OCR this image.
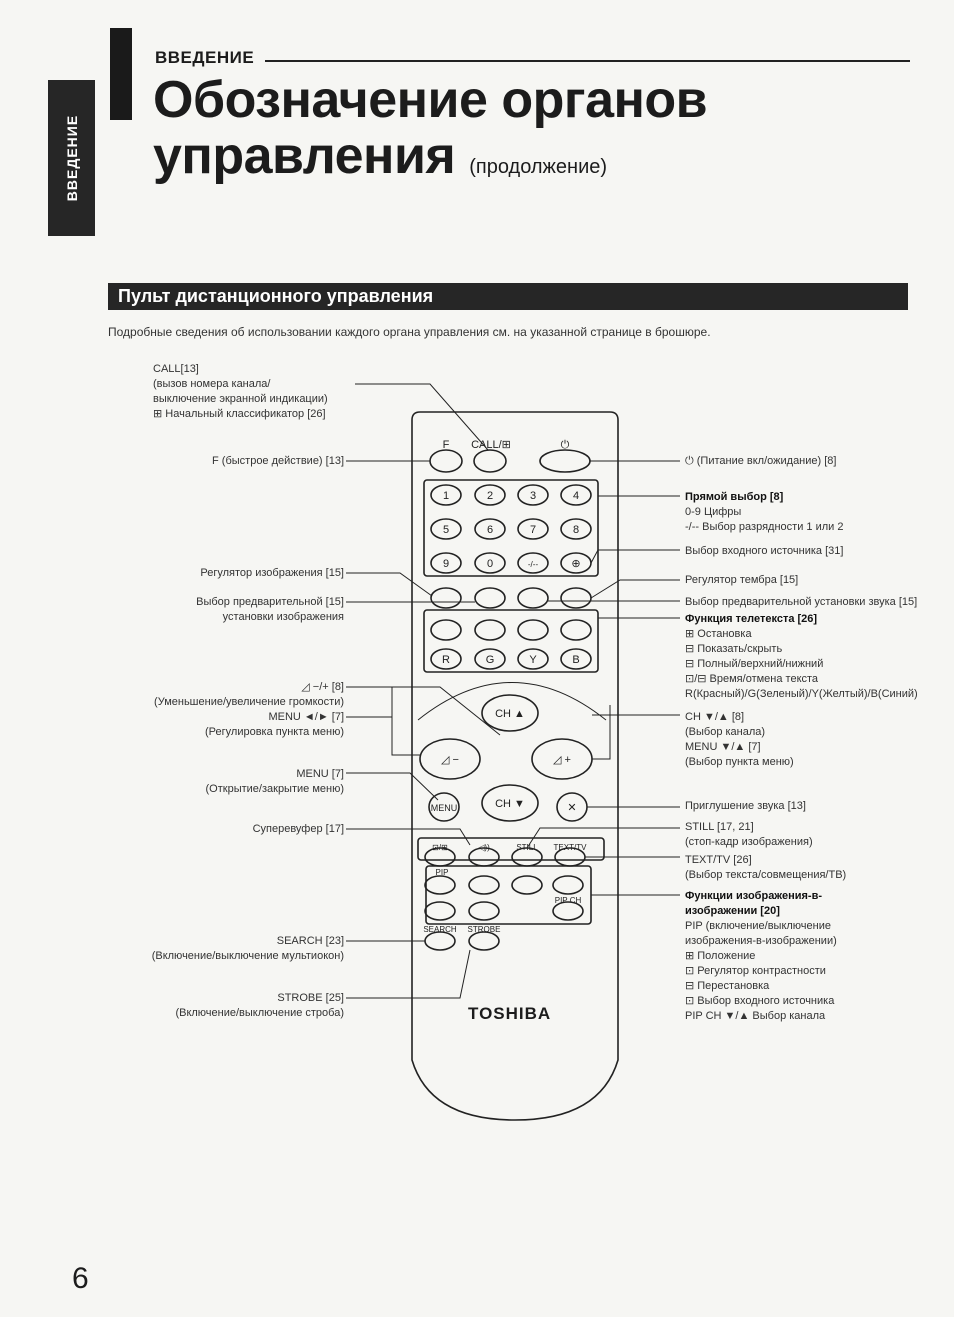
ВВЕДЕНИЕ
ВВЕДЕНИЕ
Обозначение органов
управления (продолжение)
Пульт дистанционного управления
Подробные сведения об использовании каждого органа управления см. на указанной странице в брошюре.
F CALL/⊞	⏻
1	2	3	4
5	6	7	8
9	0	-/--	⊕
R	G	Y	B
CH ▲
CH ▼
MENU
⊡/⊞	◁))	STILL TEXT/TV
PIP
PIP CH
SEARCH STROBE
◿ −	◿ +
✕
TOSHIBA
CALL[13]
(вызов номера канала/
выключение экранной индикации)
⊞ Начальный классификатор [26]
F (быстрое действие) [13]
Регулятор изображения [15]
Выбор предварительной [15]
установки изображения
◿ −/+ [8]
(Уменьшение/увеличение громкости)
MENU ◄/► [7]
(Регулировка пункта меню)
MENU [7]
(Открытие/закрытие меню)
Суперевуфер [17]
SEARCH [23]
(Включение/выключение мультиокон)
STROBE [25]
(Включение/выключение строба)
⏻ (Питание вкл/ожидание) [8]
Прямой выбор [8]
0-9 Цифры
-/-- Выбор разрядности 1 или 2
Выбор входного источника [31]
Регулятор тембра [15]
Выбор предварительной установки звука [15]
Функция телетекста [26]
⊞ Остановка
⊟ Показать/скрыть
⊟ Полный/верхний/нижний
⊡/⊟ Время/отмена текста
R(Красный)/G(Зеленый)/Y(Желтый)/B(Синий)
CH ▼/▲ [8]
(Выбор канала)
MENU ▼/▲ [7]
(Выбор пункта меню)
Приглушение звука [13]
STILL [17, 21]
(стоп-кадр изображения)
TEXT/TV [26]
(Выбор текста/совмещения/TB)
Функции изображения-в-
изображении [20]
PIP (включение/выключение
изображения-в-изображении)
⊞ Положение
⊡ Регулятор контрастности
⊟ Перестановка
⊡ Выбор входного источника
PIP CH ▼/▲ Выбор канала
6
